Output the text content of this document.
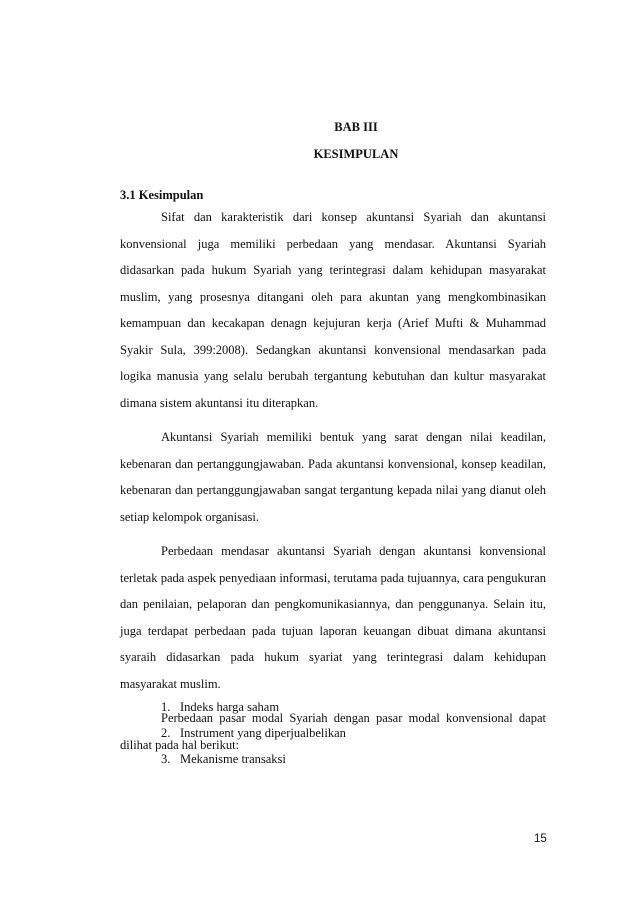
BAB III
KESIMPULAN
3.1 Kesimpulan

Sifat dan karakteristik dari konsep akuntansi Syariah dan akuntansi konvensional juga memiliki perbedaan yang mendasar. Akuntansi Syariah didasarkan pada hukum Syariah yang terintegrasi dalam kehidupan masyarakat muslim, yang prosesnya ditangani oleh para akuntan yang mengkombinasikan kemampuan dan kecakapan denagn kejujuran kerja (Arief Mufti & Muhammad Syakir Sula, 399:2008). Sedangkan akuntansi konvensional mendasarkan pada logika manusia yang selalu berubah tergantung kebutuhan dan kultur masyarakat dimana sistem akuntansi itu diterapkan.

Akuntansi Syariah memiliki bentuk yang sarat dengan nilai keadilan, kebenaran dan pertanggungjawaban. Pada akuntansi konvensional, konsep keadilan, kebenaran dan pertanggungjawaban sangat tergantung kepada nilai yang dianut oleh setiap kelompok organisasi.

Perbedaan mendasar akuntansi Syariah dengan akuntansi konvensional terletak pada aspek penyediaan informasi, terutama pada tujuannya, cara pengukuran dan penilaian, pelaporan dan pengkomunikasiannya, dan penggunanya. Selain itu, juga terdapat perbedaan pada tujuan laporan keuangan dibuat dimana akuntansi syaraih didasarkan pada hukum syariat yang terintegrasi dalam kehidupan masyarakat muslim.

Perbedaan pasar modal Syariah dengan pasar modal konvensional dapat dilihat pada hal berikut:

1. Indeks harga saham
2. Instrument yang diperjualbelikan
3. Mekanisme transaksi
15
